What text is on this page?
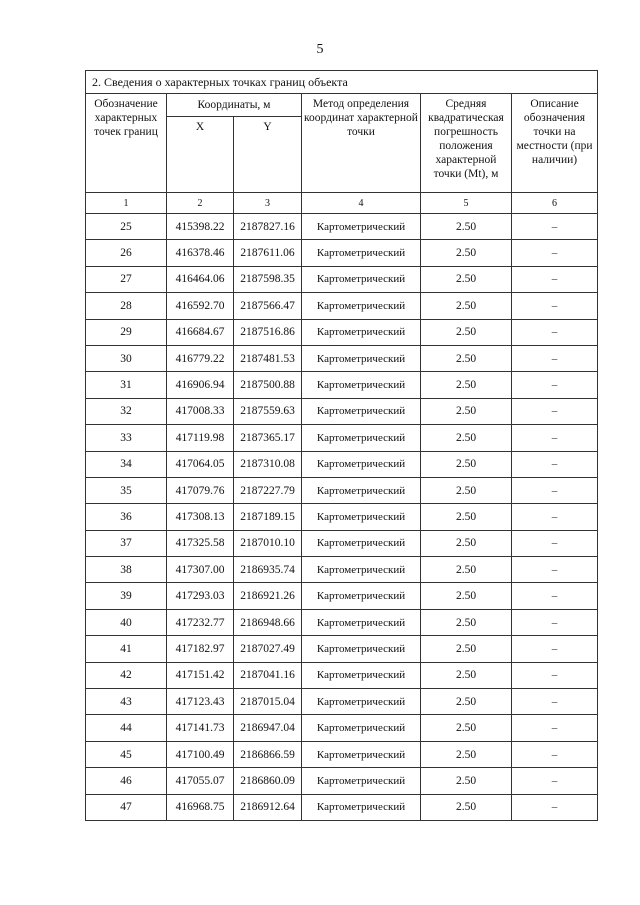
5
2. Сведения о характерных точках границ объекта					
Обозначение характерных точек границ	Координаты, м		Метод определения координат характерной точки	Средняя квадратическая погрешность положения характерной точки (Mt), м	Описание обозначения точки на местности (при наличии)
	X	Y			
1	2	3	4	5	6
25	415398.22	2187827.16	Картометрический	2.50	–
26	416378.46	2187611.06	Картометрический	2.50	–
27	416464.06	2187598.35	Картометрический	2.50	–
28	416592.70	2187566.47	Картометрический	2.50	–
29	416684.67	2187516.86	Картометрический	2.50	–
30	416779.22	2187481.53	Картометрический	2.50	–
31	416906.94	2187500.88	Картометрический	2.50	–
32	417008.33	2187559.63	Картометрический	2.50	–
33	417119.98	2187365.17	Картометрический	2.50	–
34	417064.05	2187310.08	Картометрический	2.50	–
35	417079.76	2187227.79	Картометрический	2.50	–
36	417308.13	2187189.15	Картометрический	2.50	–
37	417325.58	2187010.10	Картометрический	2.50	–
38	417307.00	2186935.74	Картометрический	2.50	–
39	417293.03	2186921.26	Картометрический	2.50	–
40	417232.77	2186948.66	Картометрический	2.50	–
41	417182.97	2187027.49	Картометрический	2.50	–
42	417151.42	2187041.16	Картометрический	2.50	–
43	417123.43	2187015.04	Картометрический	2.50	–
44	417141.73	2186947.04	Картометрический	2.50	–
45	417100.49	2186866.59	Картометрический	2.50	–
46	417055.07	2186860.09	Картометрический	2.50	–
47	416968.75	2186912.64	Картометрический	2.50	–
